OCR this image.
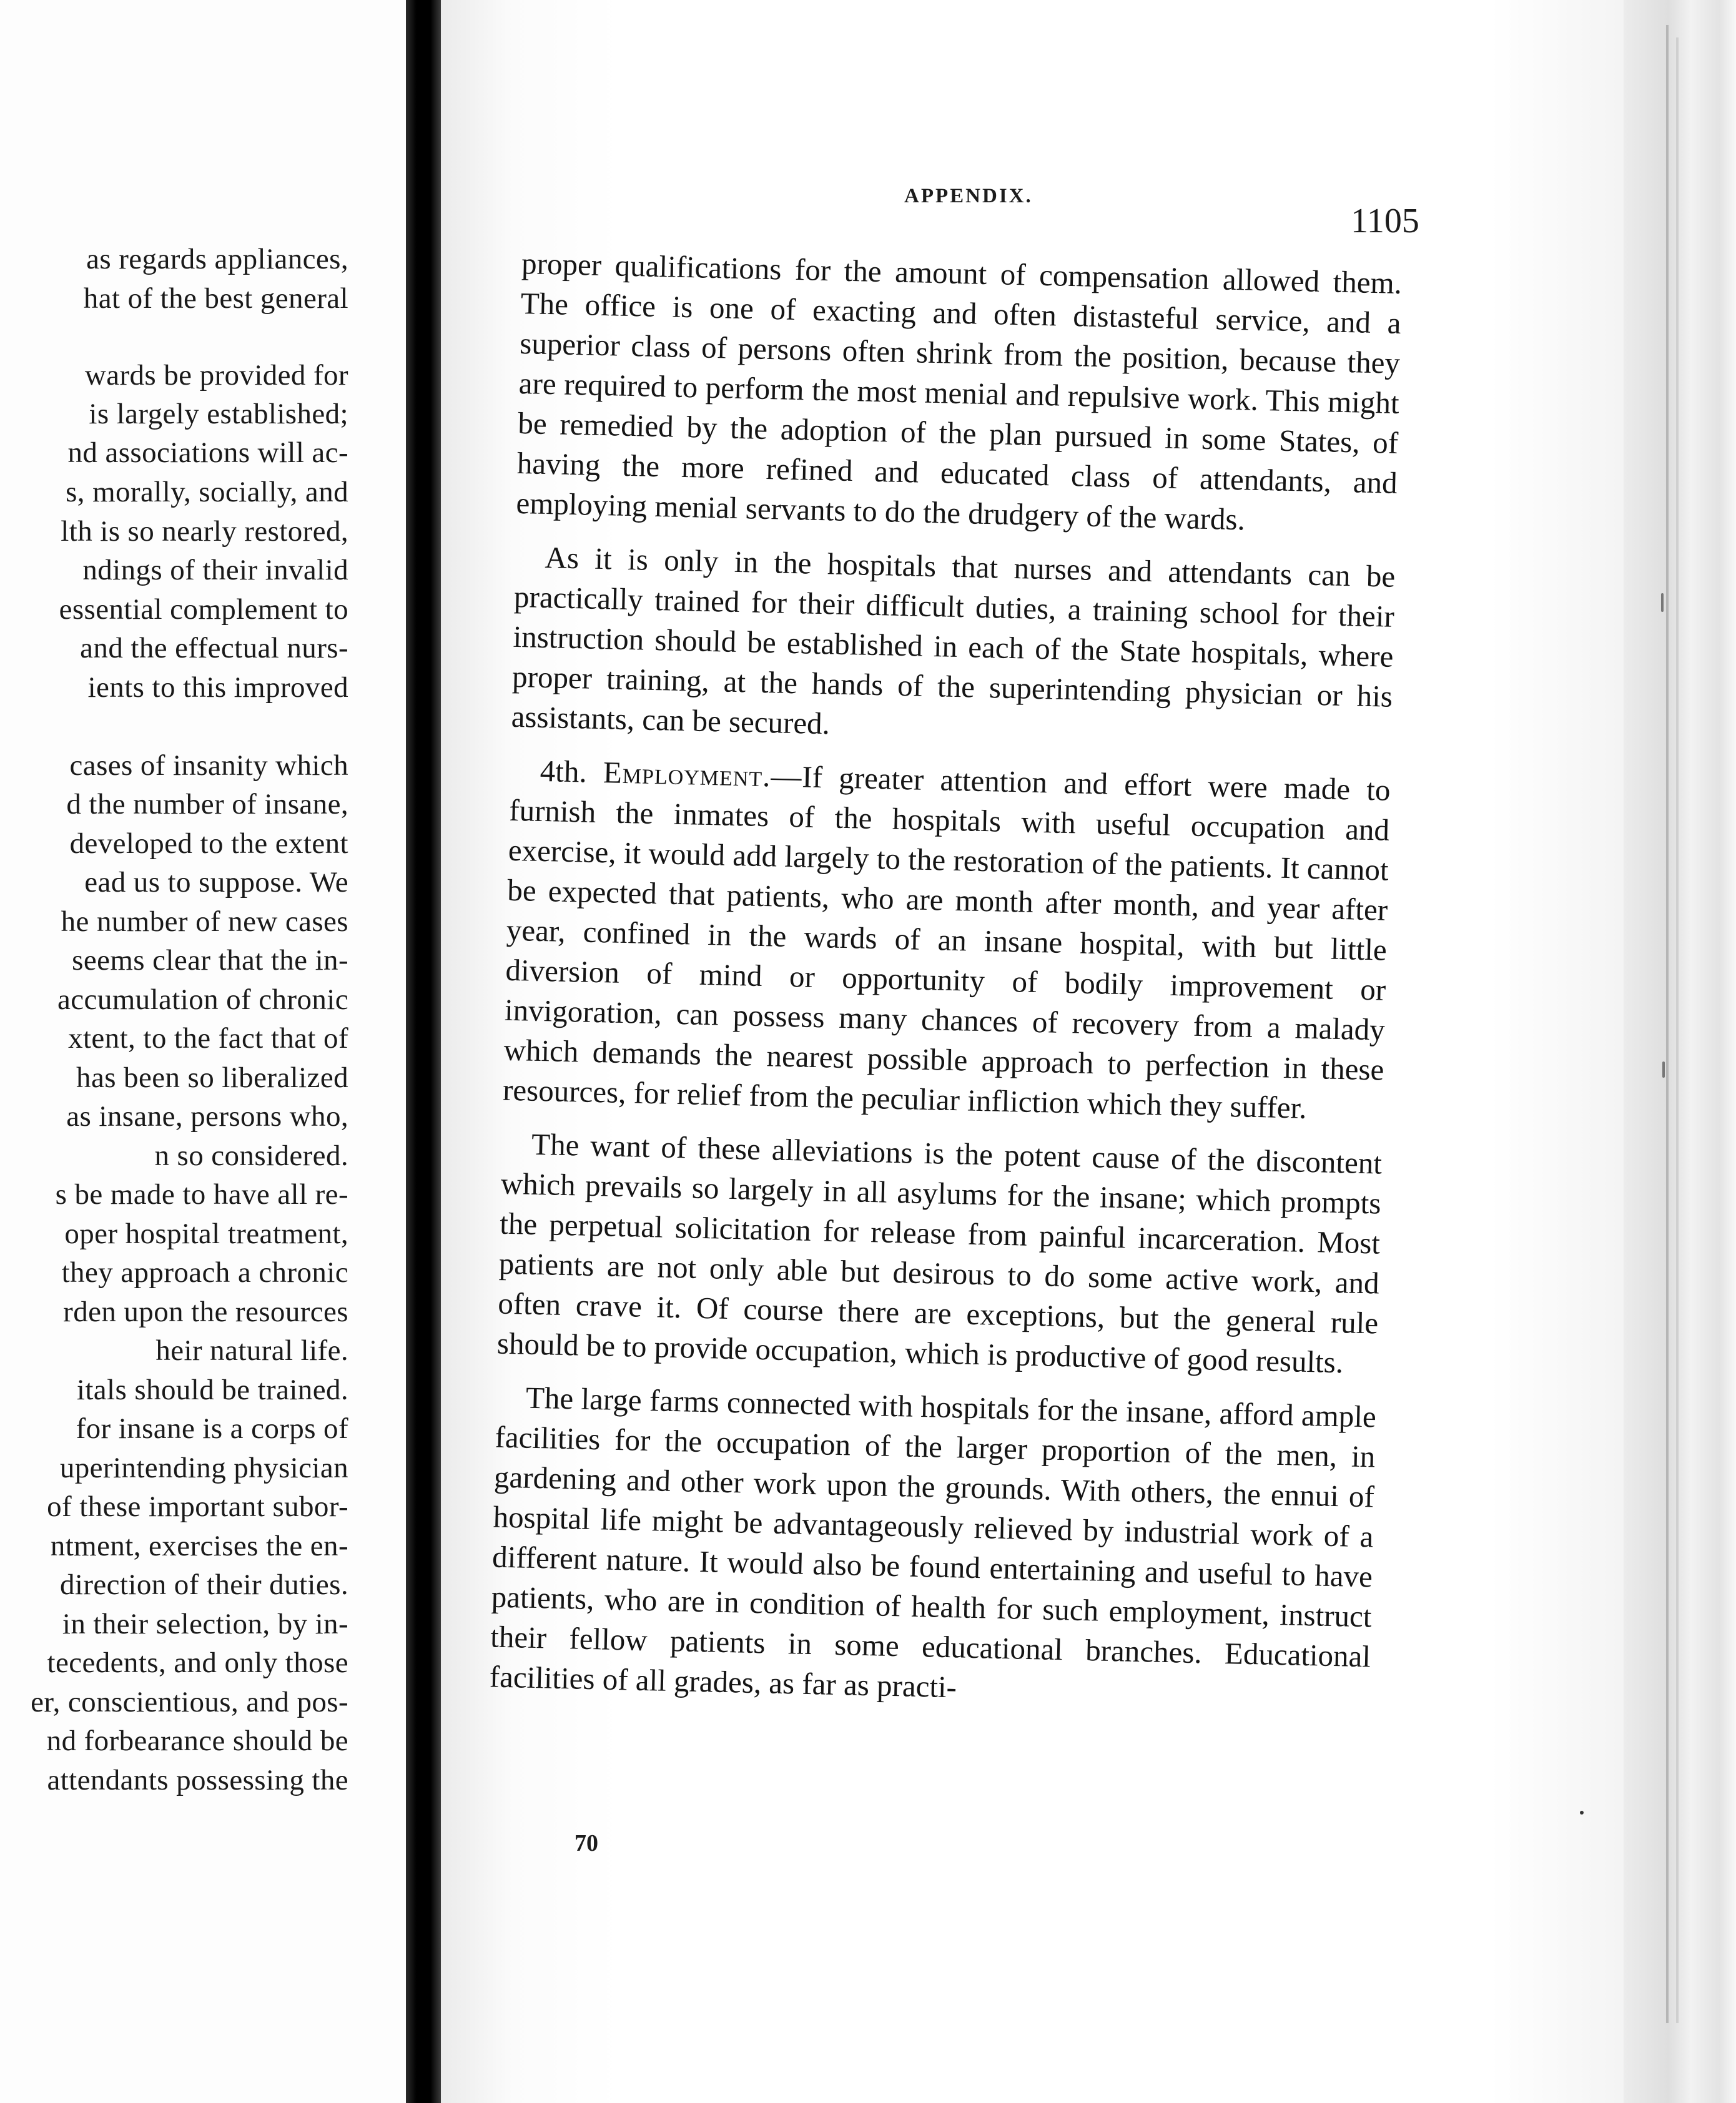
as regards appliances,
hat of the best general
wards be provided for
is largely established;
nd associations will ac-
s, morally, socially, and
lth is so nearly restored,
ndings of their invalid
essential complement to
and the effectual nurs-
ients to this improved
cases of insanity which
d the number of insane,
developed to the extent
ead us to suppose. We
he number of new cases
seems clear that the in-
accumulation of chronic
xtent, to the fact that of
has been so liberalized
as insane, persons who,
n so considered.
s be made to have all re-
oper hospital treatment,
they approach a chronic
rden upon the resources
heir natural life.
itals should be trained.
for insane is a corps of
uperintending physician
of these important subor-
ntment, exercises the en-
direction of their duties.
in their selection, by in-
tecedents, and only those
er, conscientious, and pos-
nd forbearance should be
attendants possessing the
APPENDIX.
1105

proper qualifications for the amount of compensation allowed them. The office is one of exacting and often distasteful service, and a superior class of persons often shrink from the position, because they are required to perform the most menial and repulsive work. This might be remedied by the adoption of the plan pursued in some States, of having the more refined and educated class of attendants, and employing menial servants to do the drudgery of the wards.

As it is only in the hospitals that nurses and attendants can be practically trained for their difficult duties, a training school for their instruction should be established in each of the State hospitals, where proper training, at the hands of the superintending physician or his assistants, can be secured.

4th. Employment.—If greater attention and effort were made to furnish the inmates of the hospitals with useful occupation and exercise, it would add largely to the restoration of the patients. It cannot be expected that patients, who are month after month, and year after year, confined in the wards of an insane hospital, with but little diversion of mind or opportunity of bodily improvement or invigoration, can possess many chances of recovery from a malady which demands the nearest possible approach to perfection in these resources, for relief from the peculiar infliction which they suffer.

The want of these alleviations is the potent cause of the discontent which prevails so largely in all asylums for the insane; which prompts the perpetual solicitation for release from painful incarceration. Most patients are not only able but desirous to do some active work, and often crave it. Of course there are exceptions, but the general rule should be to provide occupation, which is productive of good results.

The large farms connected with hospitals for the insane, afford ample facilities for the occupation of the larger proportion of the men, in gardening and other work upon the grounds. With others, the ennui of hospital life might be advantageously relieved by industrial work of a different nature. It would also be found entertaining and useful to have patients, who are in condition of health for such employment, instruct their fellow patients in some educational branches. Educational facilities of all grades, as far as practi-

70
